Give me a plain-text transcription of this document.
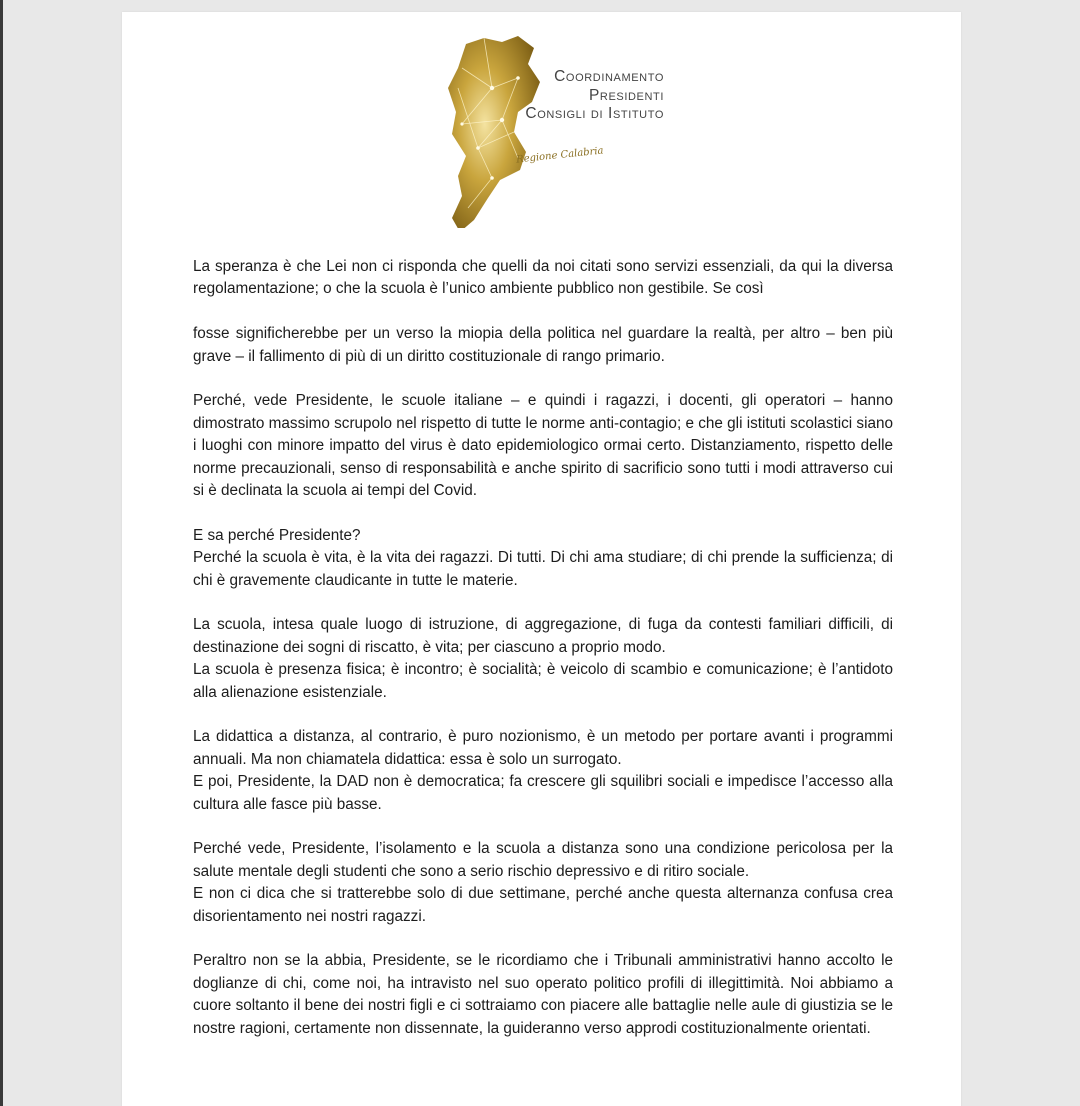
Coordinamento
Presidenti
Consigli di Istituto
Regione Calabria

La speranza è che Lei non ci risponda che quelli da noi citati sono servizi essenziali, da qui la diversa regolamentazione; o che la scuola è l’unico ambiente pubblico non gestibile. Se così

fosse significherebbe per un verso la miopia della politica nel guardare la realtà, per altro – ben più grave – il fallimento di più di un diritto costituzionale di rango primario.

Perché, vede Presidente, le scuole italiane – e quindi i ragazzi, i docenti, gli operatori – hanno dimostrato massimo scrupolo nel rispetto di tutte le norme anti-contagio; e che gli istituti scolastici siano i luoghi con minore impatto del virus è dato epidemiologico ormai certo. Distanziamento, rispetto delle norme precauzionali, senso di responsabilità e anche spirito di sacrificio sono tutti i modi attraverso cui si è declinata la scuola ai tempi del Covid.

E sa perché Presidente?
Perché la scuola è vita, è la vita dei ragazzi. Di tutti. Di chi ama studiare; di chi prende la sufficienza; di chi è gravemente claudicante in tutte le materie.

La scuola, intesa quale luogo di istruzione, di aggregazione, di fuga da contesti familiari difficili, di destinazione dei sogni di riscatto, è vita; per ciascuno a proprio modo.
La scuola è presenza fisica; è incontro; è socialità; è veicolo di scambio e comunicazione; è l’antidoto alla alienazione esistenziale.

La didattica a distanza, al contrario, è puro nozionismo, è un metodo per portare avanti i programmi annuali. Ma non chiamatela didattica: essa è solo un surrogato.
E poi, Presidente, la DAD non è democratica; fa crescere gli squilibri sociali e impedisce l’accesso alla cultura alle fasce più basse.

Perché vede, Presidente, l’isolamento e la scuola a distanza sono una condizione pericolosa per la salute mentale degli studenti che sono a serio rischio depressivo e di ritiro sociale.
E non ci dica che si tratterebbe solo di due settimane, perché anche questa alternanza confusa crea disorientamento nei nostri ragazzi.

Peraltro non se la abbia, Presidente, se le ricordiamo che i Tribunali amministrativi hanno accolto le doglianze di chi, come noi, ha intravisto nel suo operato politico profili di illegittimità. Noi abbiamo a cuore soltanto il bene dei nostri figli e ci sottraiamo con piacere alle battaglie nelle aule di giustizia se le nostre ragioni, certamente non dissennate, la guideranno verso approdi costituzionalmente orientati.
